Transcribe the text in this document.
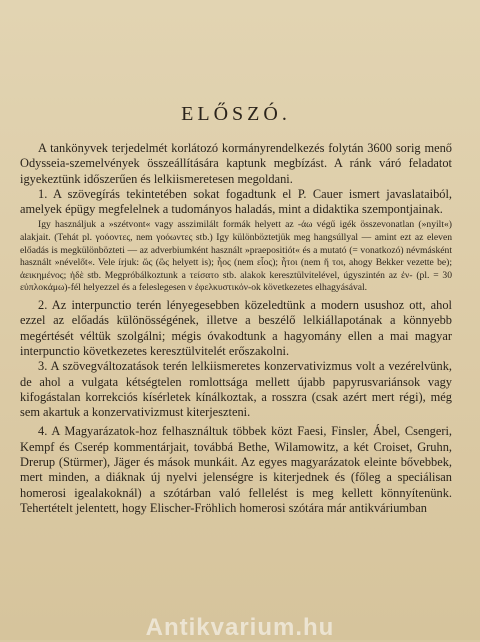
ELŐSZÓ.

A tankönyvek terjedelmét korlátozó kormányrendelkezés folytán 3600 sorig menő Odysseia-szemelvények összeállítására kaptunk megbízást. A ránk váró feladatot igyekeztünk időszerűen és lelkiismeretesen megoldani.

1. A szövegírás tekintetében sokat fogadtunk el P. Cauer ismert javaslataiból, amelyek épügy megfelelnek a tudományos haladás, mint a didaktika szempontjainak.

Igy használjuk a »szétvont« vagy asszimilált formák helyett az -άω végű igék összevonatlan (»nyilt«) alakjait. (Tehát pl. γοόοντες, nem γοόωντες stb.) Igy különböztetjük meg hangsúllyal — amint ezt az eleven előadás is megkülönbözteti — az adverbiumként használt »praepositiót« és a mutató (= vonatkozó) névmásként használt »névelőt«. Vele írjuk: ὥς (ὣς helyett is); ἧος (nem εἷος); ἧτοι (nem ἤ τοι, ahogy Bekker vezette be); ἀεικημένος; ἠδὲ stb. Megpróbálkoztunk a τείσατο stb. alakok keresztülvitelével, úgyszintén az ἐν- (pl. = 30 εὐπλοκάμω)-fél helyezzel és a feleslegesen ν ἐφελκυστικόν-ok következetes elhagyásával.

2. Az interpunctio terén lényegesebben közeledtünk a modern usushoz ott, ahol ezzel az előadás különösségének, illetve a beszélő lelkiállapotának a könnyebb megértését véltük szolgálni; mégis óvakodtunk a hagyomány ellen a mai magyar interpunctio következetes keresztülvitelét erőszakolni.

3. A szövegváltozatások terén lelkiismeretes konzervativizmus volt a vezérelvünk, de ahol a vulgata kétségtelen romlottsága mellett újabb papyrusvariánsok vagy kifogástalan korrekciós kísérletek kínálkoztak, a rosszra (csak azért mert régi), még sem akartuk a konzervativizmust kiterjeszteni.

4. A Magyarázatok-hoz felhasználtuk többek közt Faesi, Finsler, Ábel, Csengeri, Kempf és Cserép kommentárjait, továbbá Bethe, Wilamowitz, a két Croiset, Gruhn, Drerup (Stürmer), Jäger és mások munkáit. Az egyes magyarázatok eleinte bővebbek, mert minden, a diáknak új nyelvi jelenségre is kiterjednek és (főleg a speciálisan homerosi igealakoknál) a szótárban való fellelést is meg kellett könnyítenünk. Tehertételt jelentett, hogy Elischer-Fröhlich homerosi szótára már antikváriumban

Antikvarium.hu
